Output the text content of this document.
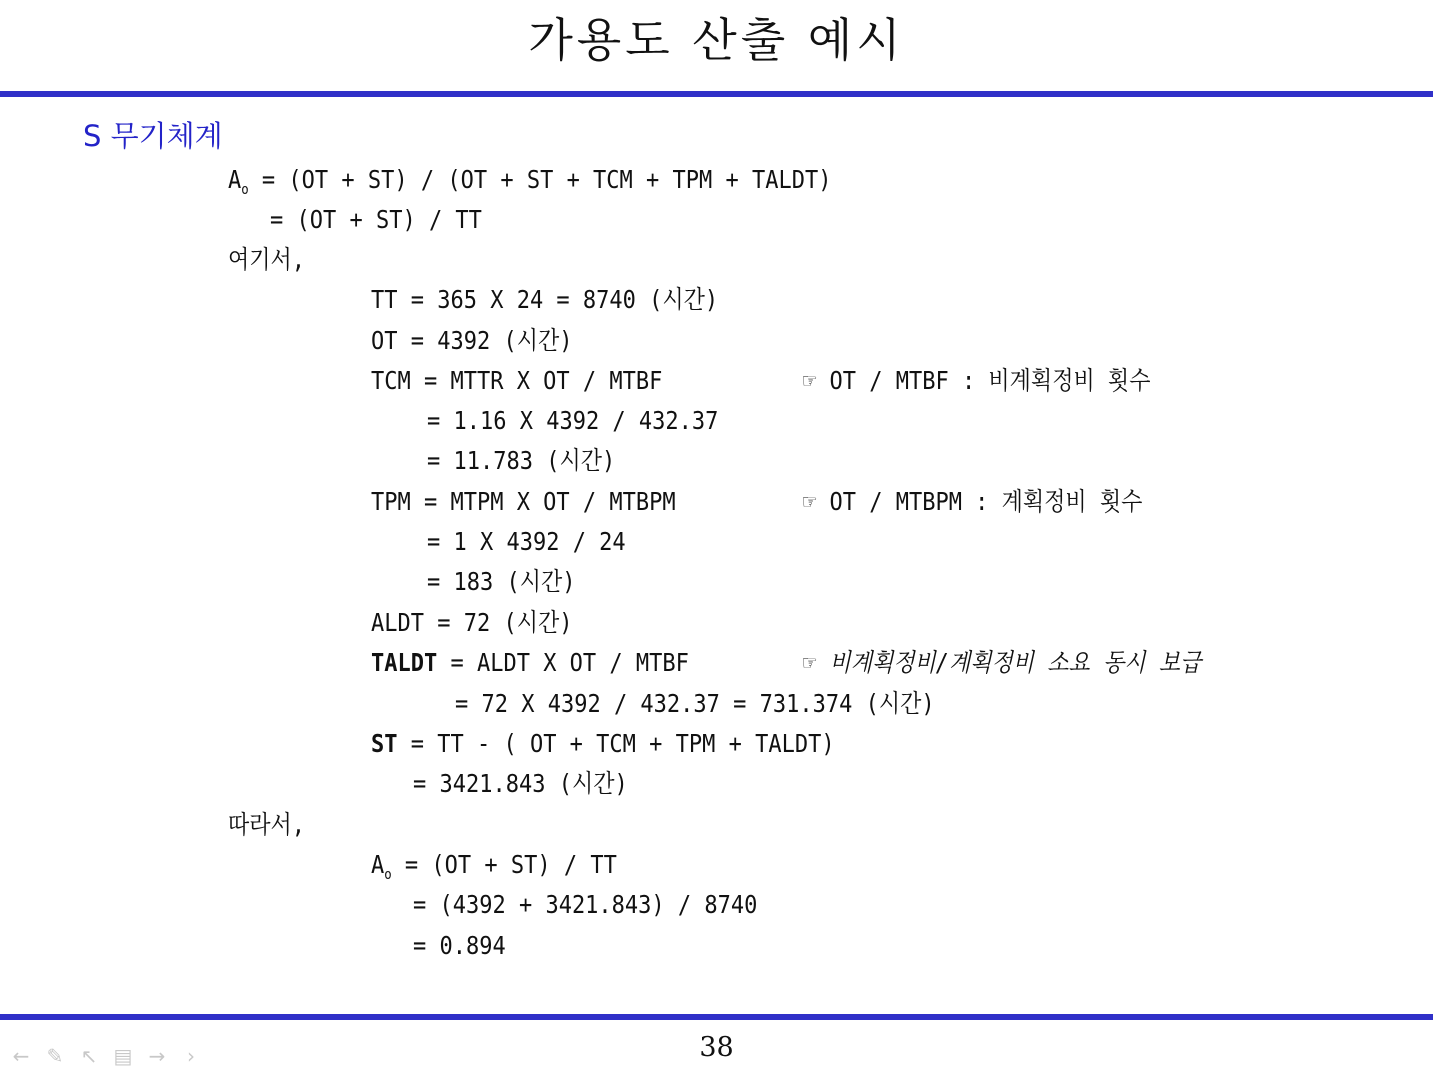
가용도 산출 예시
S 무기체계
$A_o = (OT + ST) / (OT$ + ST + TCM + TPM + TALDT)
= (OT + ST) / TT
여기서,
TT = 365 X 24 = 8740 (시간)
OT = 4392 (시간)
TCM = MTTR X OT / MTBF	☞ OT / MTBF : 비계획정비 횟수
= 1.16 X 4392 / 432.37
= 11.783 (시간)
TPM = MTPM X OT / MTBPM	☞ OT / MTBPM : 계획정비 횟수
= 1 X 4392 / 24
= 183 (시간)
ALDT = 72 (시간)
TALDT = ALDT X OT / MTBF	☞ 비계획정비/계획정비 소요 동시 보급
= 72 X 4392 / 432.37 = 731.374 (시간)
ST = TT - ( OT + TCM + TPM + TALDT)
= 3421.843 (시간)
따라서,
$A_o = (OT + ST)$ / TT
= (4392 + 3421.843) / 8740
= 0.894
38
← ✎ ↖ ▤ →	›
